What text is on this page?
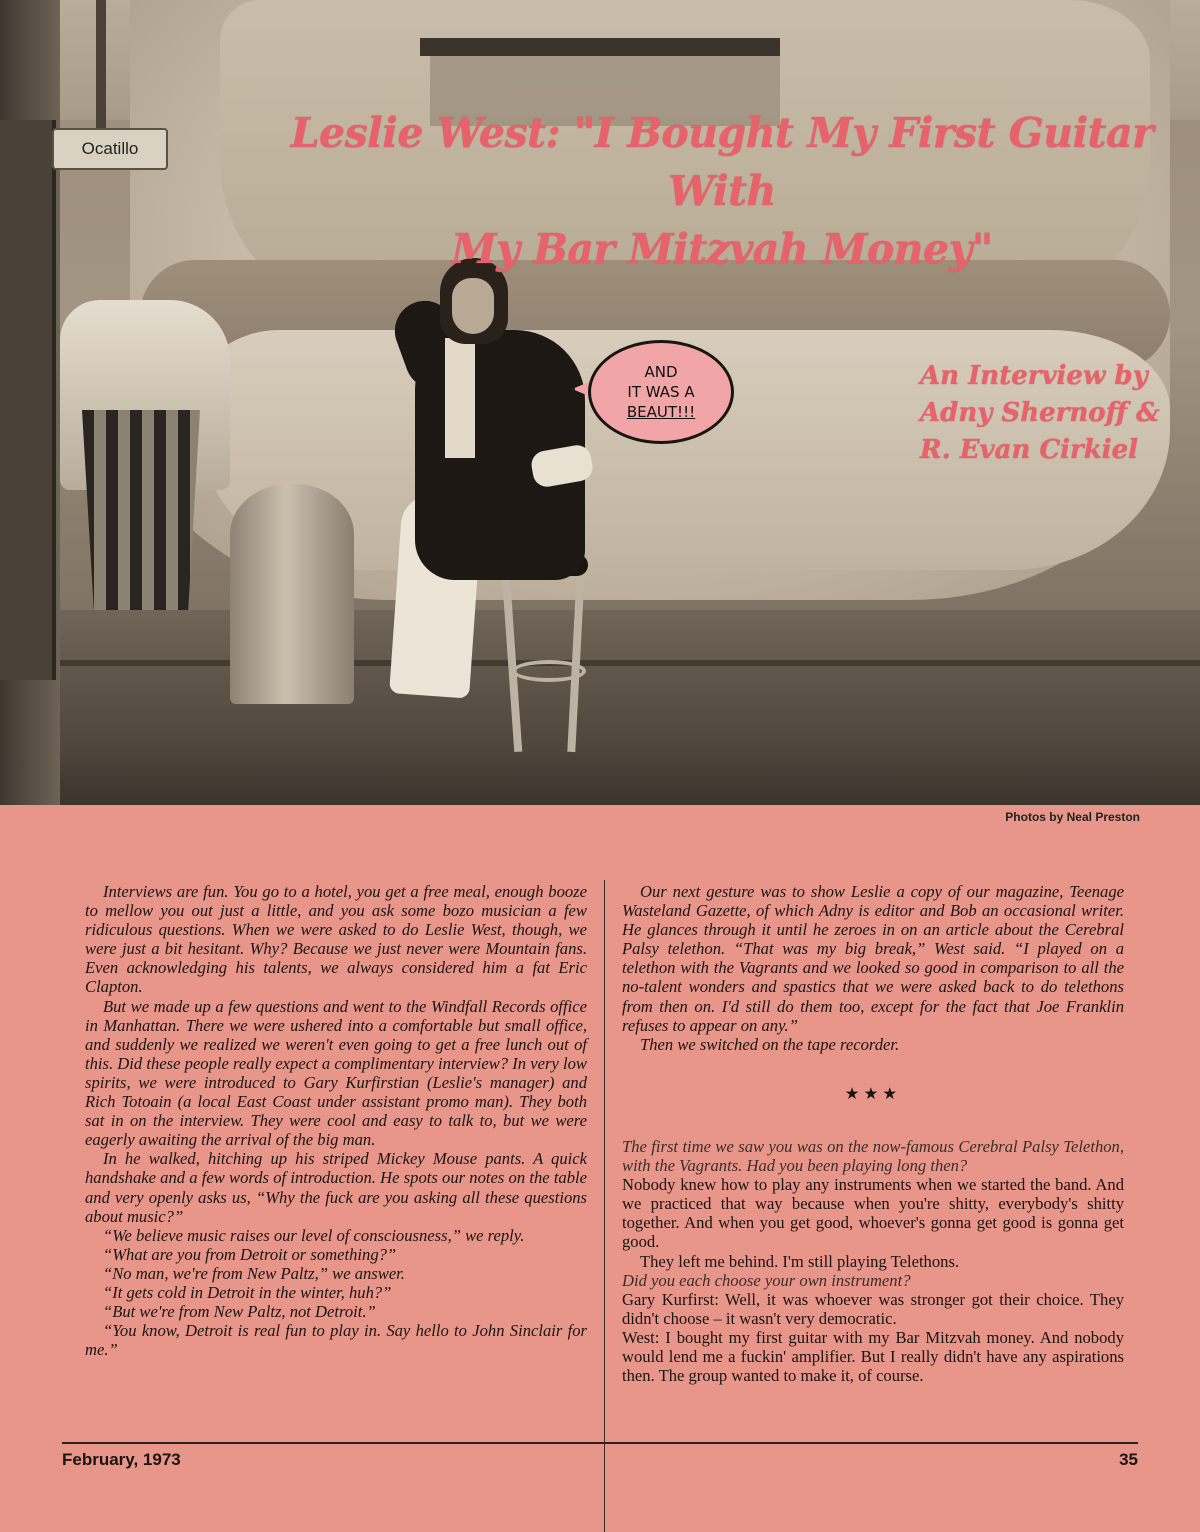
Ocatillo	Leslie West: "I Bought My First Guitar With
My Bar Mitzvah Money"
AND
IT WAS A
BEAUT!!!
An Interview by
Adny Shernoff &
R. Evan Cirkiel
Photos by Neal Preston

Interviews are fun. You go to a hotel, you get a free meal, enough booze to mellow you out just a little, and you ask some bozo musician a few ridiculous questions. When we were asked to do Leslie West, though, we were just a bit hesitant. Why? Because we just never were Mountain fans. Even acknowledging his talents, we always considered him a fat Eric Clapton.

But we made up a few questions and went to the Windfall Records office in Manhattan. There we were ushered into a comfortable but small office, and suddenly we realized we weren't even going to get a free lunch out of this. Did these people really expect a complimentary interview? In very low spirits, we were introduced to Gary Kurfirstian (Leslie's manager) and Rich Totoain (a local East Coast under assistant promo man). They both sat in on the interview. They were cool and easy to talk to, but we were eagerly awaiting the arrival of the big man.

In he walked, hitching up his striped Mickey Mouse pants. A quick handshake and a few words of introduction. He spots our notes on the table and very openly asks us, “Why the fuck are you asking all these questions about music?”

“We believe music raises our level of consciousness,” we reply.

“What are you from Detroit or something?”

“No man, we're from New Paltz,” we answer.

“It gets cold in Detroit in the winter, huh?”

“But we're from New Paltz, not Detroit.”

“You know, Detroit is real fun to play in. Say hello to John Sinclair for me.”

Our next gesture was to show Leslie a copy of our magazine, Teenage Wasteland Gazette, of which Adny is editor and Bob an occasional writer. He glances through it until he zeroes in on an article about the Cerebral Palsy telethon. “That was my big break,” West said. “I played on a telethon with the Vagrants and we looked so good in comparison to all the no-talent wonders and spastics that we were asked back to do telethons from then on. I'd still do them too, except for the fact that Joe Franklin refuses to appear on any.”

Then we switched on the tape recorder.

★★★

The first time we saw you was on the now-famous Cerebral Palsy Telethon, with the Vagrants. Had you been playing long then?

Nobody knew how to play any instruments when we started the band. And we practiced that way because when you're shitty, everybody's shitty together. And when you get good, whoever's gonna get good is gonna get good.

They left me behind. I'm still playing Telethons.

Did you each choose your own instrument?

Gary Kurfirst: Well, it was whoever was stronger got their choice. They didn't choose – it wasn't very democratic.

West: I bought my first guitar with my Bar Mitzvah money. And nobody would lend me a fuckin' amplifier. But I really didn't have any aspirations then. The group wanted to make it, of course.

February, 1973	35
